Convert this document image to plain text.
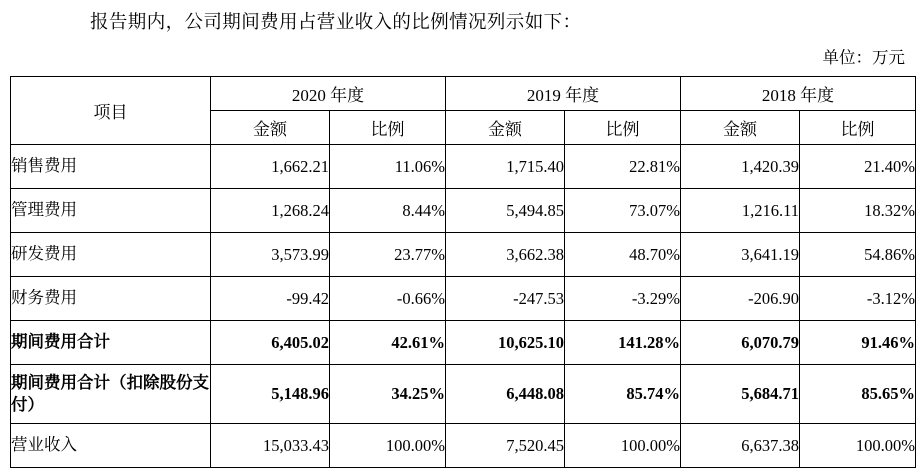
报告期内，公司期间费用占营业收入的比例情况列示如下：
单位：万元
项目	2020 年度		2019 年度		2018 年度	
	金额	比例	金额	比例	金额	比例
销售费用	1,662.21	11.06%	1,715.40	22.81%	1,420.39	21.40%
管理费用	1,268.24	8.44%	5,494.85	73.07%	1,216.11	18.32%
研发费用	3,573.99	23.77%	3,662.38	48.70%	3,641.19	54.86%
财务费用	-99.42	-0.66%	-247.53	-3.29%	-206.90	-3.12%
期间费用合计	6,405.02	42.61%	10,625.10	141.28%	6,070.79	91.46%
期间费用合计（扣除股份支付）	5,148.96	34.25%	6,448.08	85.74%	5,684.71	85.65%
营业收入	15,033.43	100.00%	7,520.45	100.00%	6,637.38	100.00%
